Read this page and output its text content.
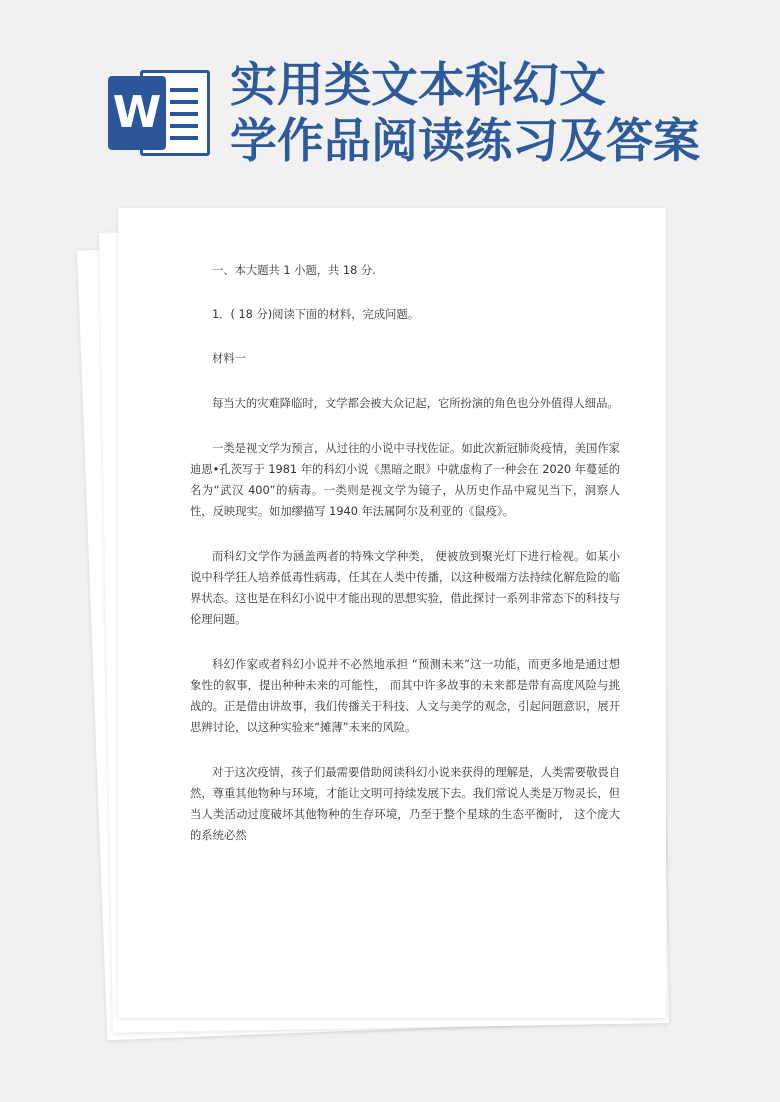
W 实用类文本科幻文
学作品阅读练习及答案

一、本大题共 1 小题，共 18 分.

1．( 18 分)阅读下面的材料，完成问题。

材料一

每当大的灾难降临时，文学都会被大众记起，它所扮演的角色也分外值得人细品。

一类是视文学为预言，从过往的小说中寻找佐证。如此次新冠肺炎疫情，美国作家迪恩•孔茨写于 1981 年的科幻小说《黑暗之眼》中就虚构了一种会在 2020 年蔓延的名为“武汉 400”的病毒。一类则是视文学为镜子，从历史作品中窥见当下，洞察人性，反映现实。如加缪描写 1940 年法属阿尔及利亚的《鼠疫》。

而科幻文学作为涵盖两者的特殊文学种类， 便被放到聚光灯下进行检视。如某小说中科学狂人培养低毒性病毒，任其在人类中传播，以这种极端方法持续化解危险的临界状态。这也是在科幻小说中才能出现的思想实验，借此探讨一系列非常态下的科技与伦理问题。

科幻作家或者科幻小说并不必然地承担 “预测未来”这一功能，而更多地是通过想象性的叙事，提出种种未来的可能性， 而其中许多故事的未来都是带有高度风险与挑战的。正是借由讲故事，我们传播关于科技、人文与美学的观念，引起问题意识，展开思辨讨论，以这种实验来“摊薄”未来的风险。

对于这次疫情，孩子们最需要借助阅读科幻小说来获得的理解是，人类需要敬畏自然，尊重其他物种与环境，才能让文明可持续发展下去。我们常说人类是万物灵长，但当人类活动过度破坏其他物种的生存环境，乃至于整个星球的生态平衡时， 这个庞大的系统必然
